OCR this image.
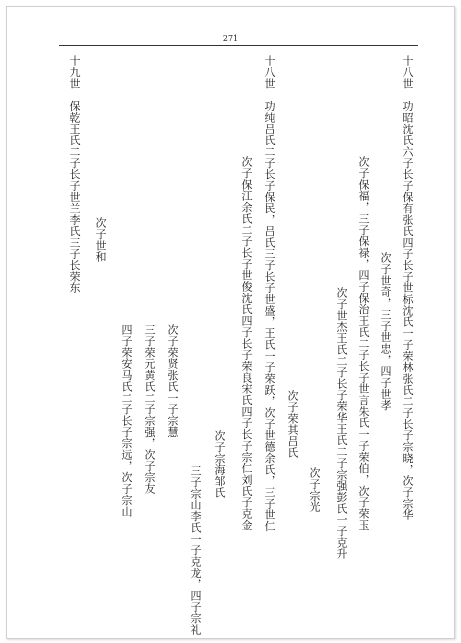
271
十八世　功昭沈氏六子长子保有张氏四子长子世标沈氏一子荣林张氏二子长子宗晓，次子宗华
次子世奇，三子世忠，四子世孝
次子保福，三子保禄，四子保治王氏二子长子世言朱氏一子荣伯，次子荣玉
次子世杰王氏二子长子荣华王氏二子宗强彭氏一子克升
次子宗光
十八世　功纯吕氏二子长子保民，吕氏三子长子世盛，王氏一子荣跃，次子世德余氏，三子世仁 次子荣其吕氏
次子保江余氏二子长子世俊沈氏四子长子荣良宋氏四子长子宗仁刘氏子克金
次子宗海邹氏
三子宗山李氏一子克龙，四子宗礼
次子荣贤张氏一子宗慧
三子荣元黄氏二子宗强，次子宗友
四子荣安马氏二子长子宗远，次子宗山
次子世和
十九世　保乾王氏二子长子世兰李氏三子长荣东
